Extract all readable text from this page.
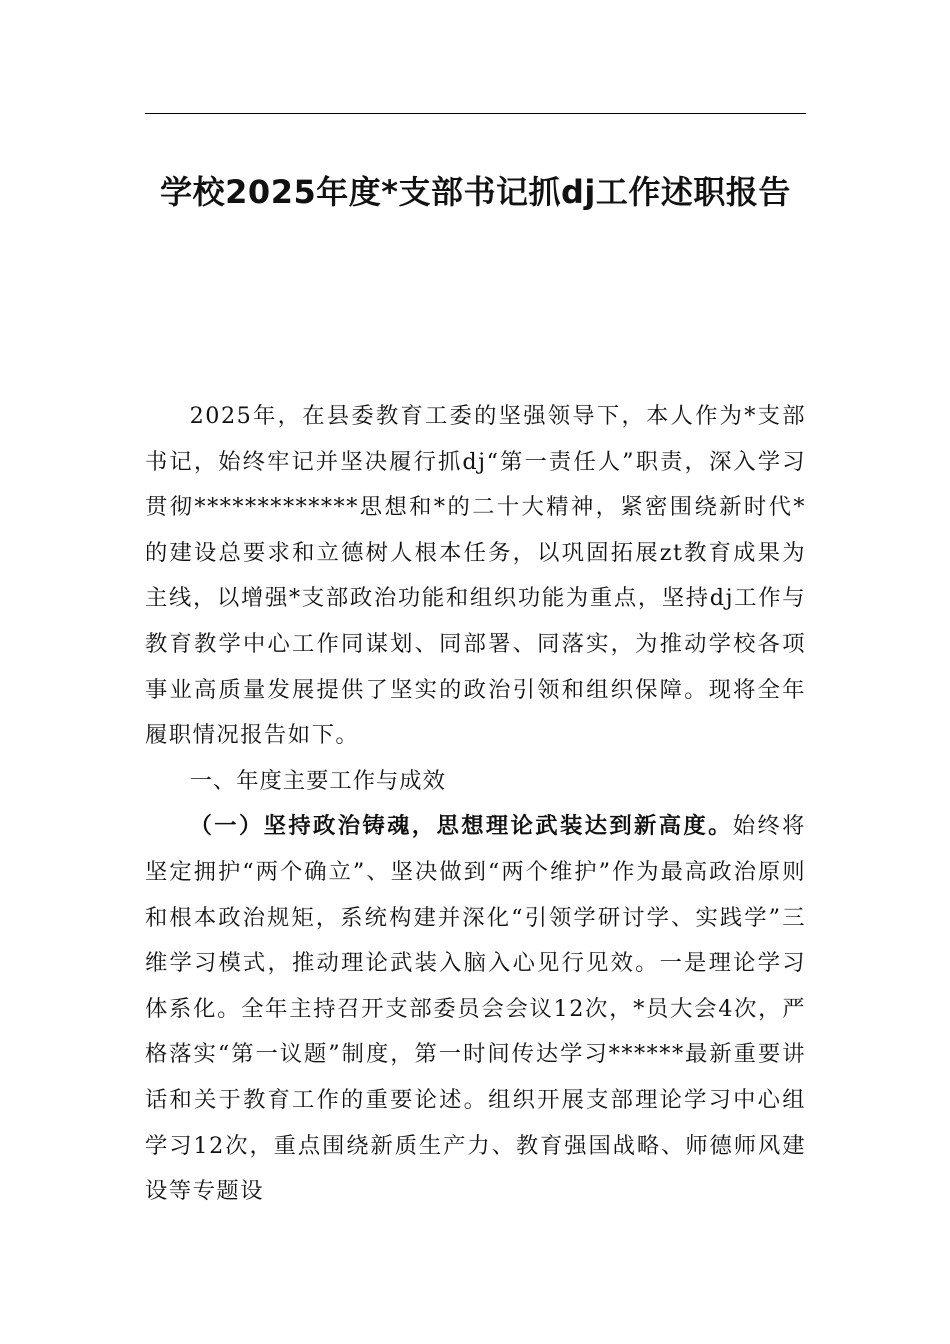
学校2025年度*支部书记抓dj工作述职报告

2025年，在县委教育工委的坚强领导下，本人作为*支部书记，始终牢记并坚决履行抓dj“第一责任人”职责，深入学习贯彻*************思想和*的二十大精神，紧密围绕新时代*的建设总要求和立德树人根本任务，以巩固拓展zt教育成果为主线，以增强*支部政治功能和组织功能为重点，坚持dj工作与教育教学中心工作同谋划、同部署、同落实，为推动学校各项事业高质量发展提供了坚实的政治引领和组织保障。现将全年履职情况报告如下。

一、年度主要工作与成效

（一）坚持政治铸魂，思想理论武装达到新高度。始终将坚定拥护“两个确立”、坚决做到“两个维护”作为最高政治原则和根本政治规矩，系统构建并深化“引领学研讨学、实践学”三维学习模式，推动理论武装入脑入心见行见效。一是理论学习体系化。全年主持召开支部委员会会议12次，*员大会4次，严格落实“第一议题”制度，第一时间传达学习******最新重要讲话和关于教育工作的重要论述。组织开展支部理论学习中心组学习12次，重点围绕新质生产力、教育强国战略、师德师风建设等专题设
